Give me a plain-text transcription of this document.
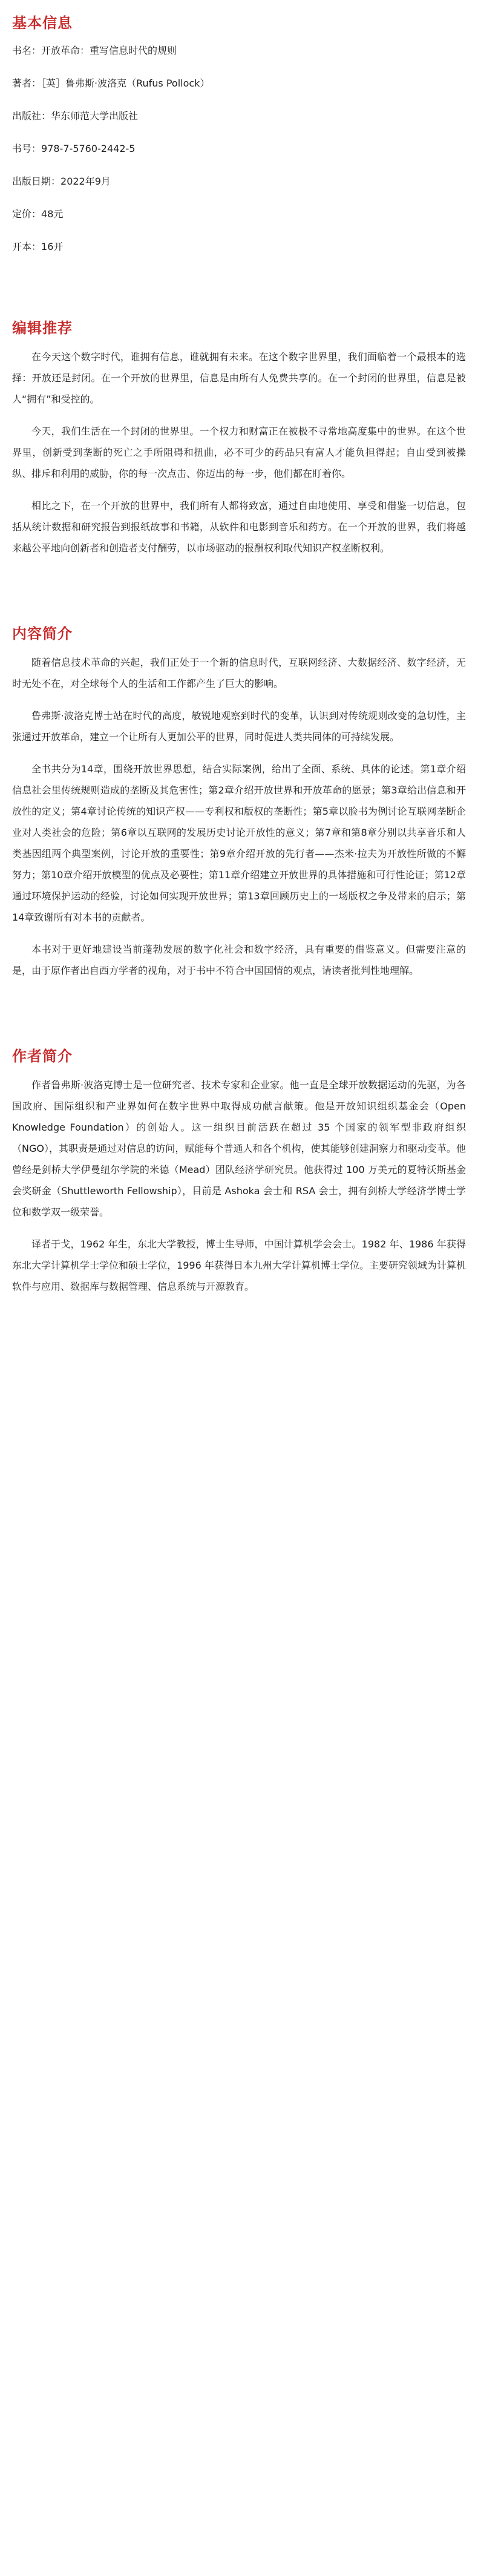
基本信息
书名：开放革命：重写信息时代的规则
著者：［英］鲁弗斯·波洛克（Rufus Pollock）
出版社：华东师范大学出版社
书号：978-7-5760-2442-5
出版日期：2022年9月
定价：48元
开本：16开
编辑推荐

在今天这个数字时代，谁拥有信息，谁就拥有未来。在这个数字世界里，我们面临着一个最根本的选择：开放还是封闭。在一个开放的世界里，信息是由所有人免费共享的。在一个封闭的世界里，信息是被人“拥有”和受控的。

今天，我们生活在一个封闭的世界里。一个权力和财富正在被极不寻常地高度集中的世界。在这个世界里，创新受到垄断的死亡之手所阻碍和扭曲，必不可少的药品只有富人才能负担得起；自由受到被操纵、排斥和利用的威胁，你的每一次点击、你迈出的每一步，他们都在盯着你。

相比之下，在一个开放的世界中，我们所有人都将致富，通过自由地使用、享受和借鉴一切信息，包括从统计数据和研究报告到报纸故事和书籍，从软件和电影到音乐和药方。在一个开放的世界，我们将越来越公平地向创新者和创造者支付酬劳，以市场驱动的报酬权利取代知识产权垄断权利。

内容简介

随着信息技术革命的兴起，我们正处于一个新的信息时代，互联网经济、大数据经济、数字经济，无时无处不在，对全球每个人的生活和工作都产生了巨大的影响。

鲁弗斯·波洛克博士站在时代的高度，敏锐地观察到时代的变革，认识到对传统规则改变的急切性，主张通过开放革命，建立一个让所有人更加公平的世界，同时促进人类共同体的可持续发展。

全书共分为14章，围绕开放世界思想，结合实际案例，给出了全面、系统、具体的论述。第1章介绍信息社会里传统规则造成的垄断及其危害性；第2章介绍开放世界和开放革命的愿景；第3章给出信息和开放性的定义；第4章讨论传统的知识产权——专利权和版权的垄断性；第5章以脸书为例讨论互联网垄断企业对人类社会的危险；第6章以互联网的发展历史讨论开放性的意义；第7章和第8章分别以共享音乐和人类基因组两个典型案例，讨论开放的重要性；第9章介绍开放的先行者——杰米·拉夫为开放性所做的不懈努力；第10章介绍开放模型的优点及必要性；第11章介绍建立开放世界的具体措施和可行性论证；第12章通过环境保护运动的经验，讨论如何实现开放世界；第13章回顾历史上的一场版权之争及带来的启示；第14章致谢所有对本书的贡献者。

本书对于更好地建设当前蓬勃发展的数字化社会和数字经济，具有重要的借鉴意义。但需要注意的是，由于原作者出自西方学者的视角，对于书中不符合中国国情的观点，请读者批判性地理解。

作者简介

作者鲁弗斯·波洛克博士是一位研究者、技术专家和企业家。他一直是全球开放数据运动的先驱，为各国政府、国际组织和产业界如何在数字世界中取得成功献言献策。他是开放知识组织基金会（Open Knowledge Foundation）的创始人。这一组织目前活跃在超过 35 个国家的领军型非政府组织（NGO），其职责是通过对信息的访问，赋能每个普通人和各个机构，使其能够创建洞察力和驱动变革。他曾经是剑桥大学伊曼纽尔学院的米德（Mead）团队经济学研究员。他获得过 100 万美元的夏特沃斯基金会奖研金（Shuttleworth Fellowship），目前是 Ashoka 会士和 RSA 会士，拥有剑桥大学经济学博士学位和数学双一级荣誉。

译者于戈，1962 年生，东北大学教授，博士生导师，中国计算机学会会士。1982 年、1986 年获得东北大学计算机学士学位和硕士学位，1996 年获得日本九州大学计算机博士学位。主要研究领域为计算机软件与应用、数据库与数据管理、信息系统与开源教育。
